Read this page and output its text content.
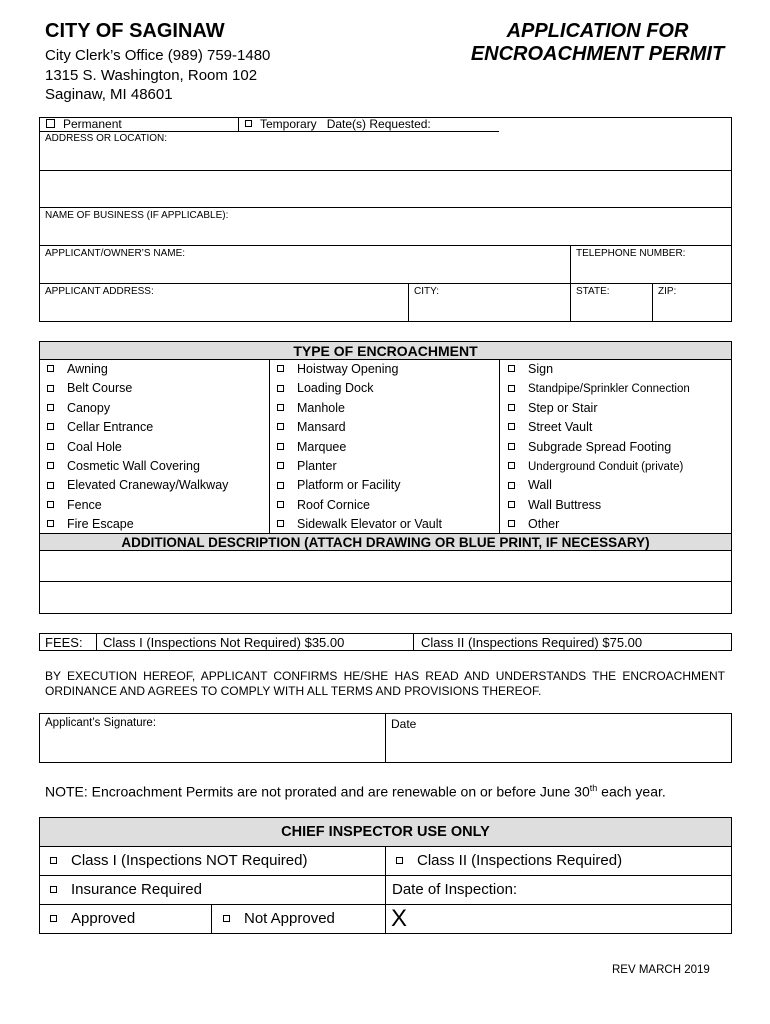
CITY OF SAGINAW
City Clerk’s Office (989) 759-1480
1315 S. Washington, Room 102
Saginaw, MI 48601
APPLICATION FOR
ENCROACHMENT PERMIT
Permanent	Temporary Date(s) Requested:
ADDRESS OR LOCATION:
NAME OF BUSINESS (IF APPLICABLE):
APPLICANT/OWNER’S NAME:	TELEPHONE NUMBER:
APPLICANT ADDRESS:	CITY:	STATE:	ZIP:
TYPE OF ENCROACHMENT
Awning
Belt Course
Canopy
Cellar Entrance
Coal Hole
Cosmetic Wall Covering
Elevated Craneway/Walkway
Fence
Fire Escape
Hoistway Opening
Loading Dock
Manhole
Mansard
Marquee
Planter
Platform or Facility
Roof Cornice
Sidewalk Elevator or Vault
Sign
Standpipe/Sprinkler Connection
Step or Stair
Street Vault
Subgrade Spread Footing
Underground Conduit (private)
Wall
Wall Buttress
Other
ADDITIONAL DESCRIPTION (ATTACH DRAWING OR BLUE PRINT, IF NECESSARY)
FEES: Class I (Inspections Not Required) $35.00	Class II (Inspections Required) $75.00
BY EXECUTION HEREOF, APPLICANT CONFIRMS HE/SHE HAS READ AND UNDERSTANDS THE ENCROACHMENT ORDINANCE AND AGREES TO COMPLY WITH ALL TERMS AND PROVISIONS THEREOF.
Applicant’s Signature:	Date
NOTE: Encroachment Permits are not prorated and are renewable on or before June 30th each year.
CHIEF INSPECTOR USE ONLY
Class I (Inspections NOT Required)	Class II (Inspections Required)
Insurance Required	Date of Inspection:
Approved	Not Approved X
REV MARCH 2019
